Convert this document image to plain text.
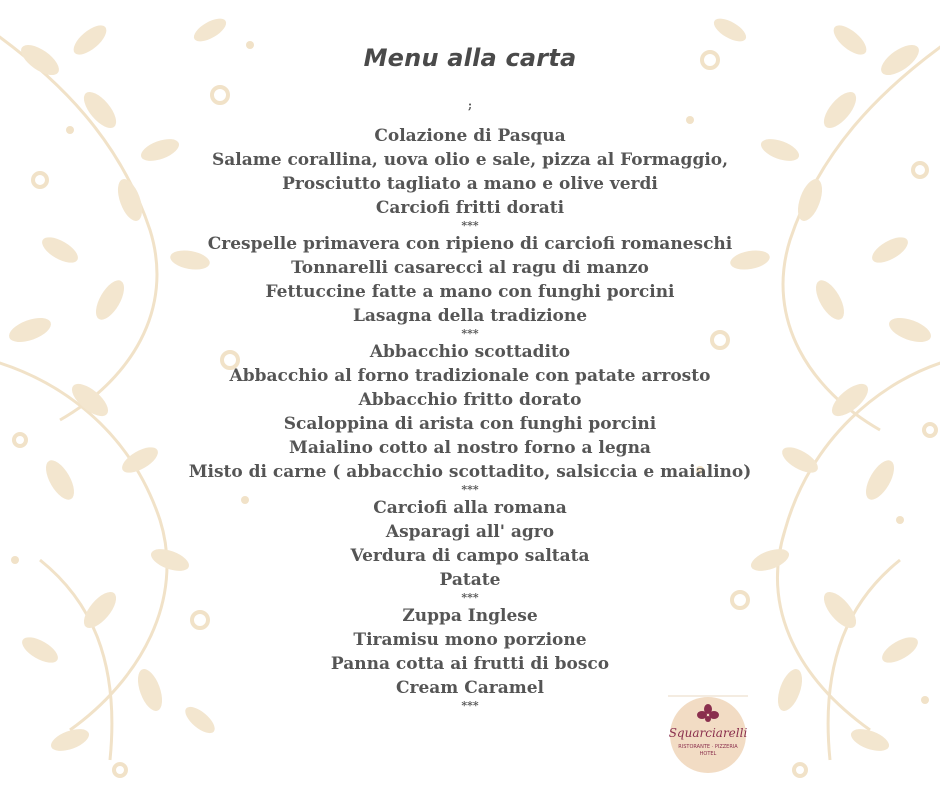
Menu alla carta
;
Colazione di Pasqua
Salame corallina, uova olio e sale, pizza al Formaggio,
Prosciutto tagliato a mano e olive verdi
Carciofi fritti dorati
***
Crespelle primavera con ripieno di carciofi romaneschi
Tonnarelli casarecci al ragu di manzo
Fettuccine fatte a mano con funghi porcini
Lasagna della tradizione
***
Abbacchio scottadito
Abbacchio al forno tradizionale con patate arrosto
Abbacchio fritto dorato
Scaloppina di arista con funghi porcini
Maialino cotto al nostro forno a legna
Misto di carne ( abbacchio scottadito, salsiccia e maialino)
***
Carciofi alla romana
Asparagi all' agro
Verdura di campo saltata
Patate
***
Zuppa Inglese
Tiramisu mono porzione
Panna cotta ai frutti di bosco
Cream Caramel
***
Squarciarelli
RISTORANTE · PIZZERIA
HOTEL
